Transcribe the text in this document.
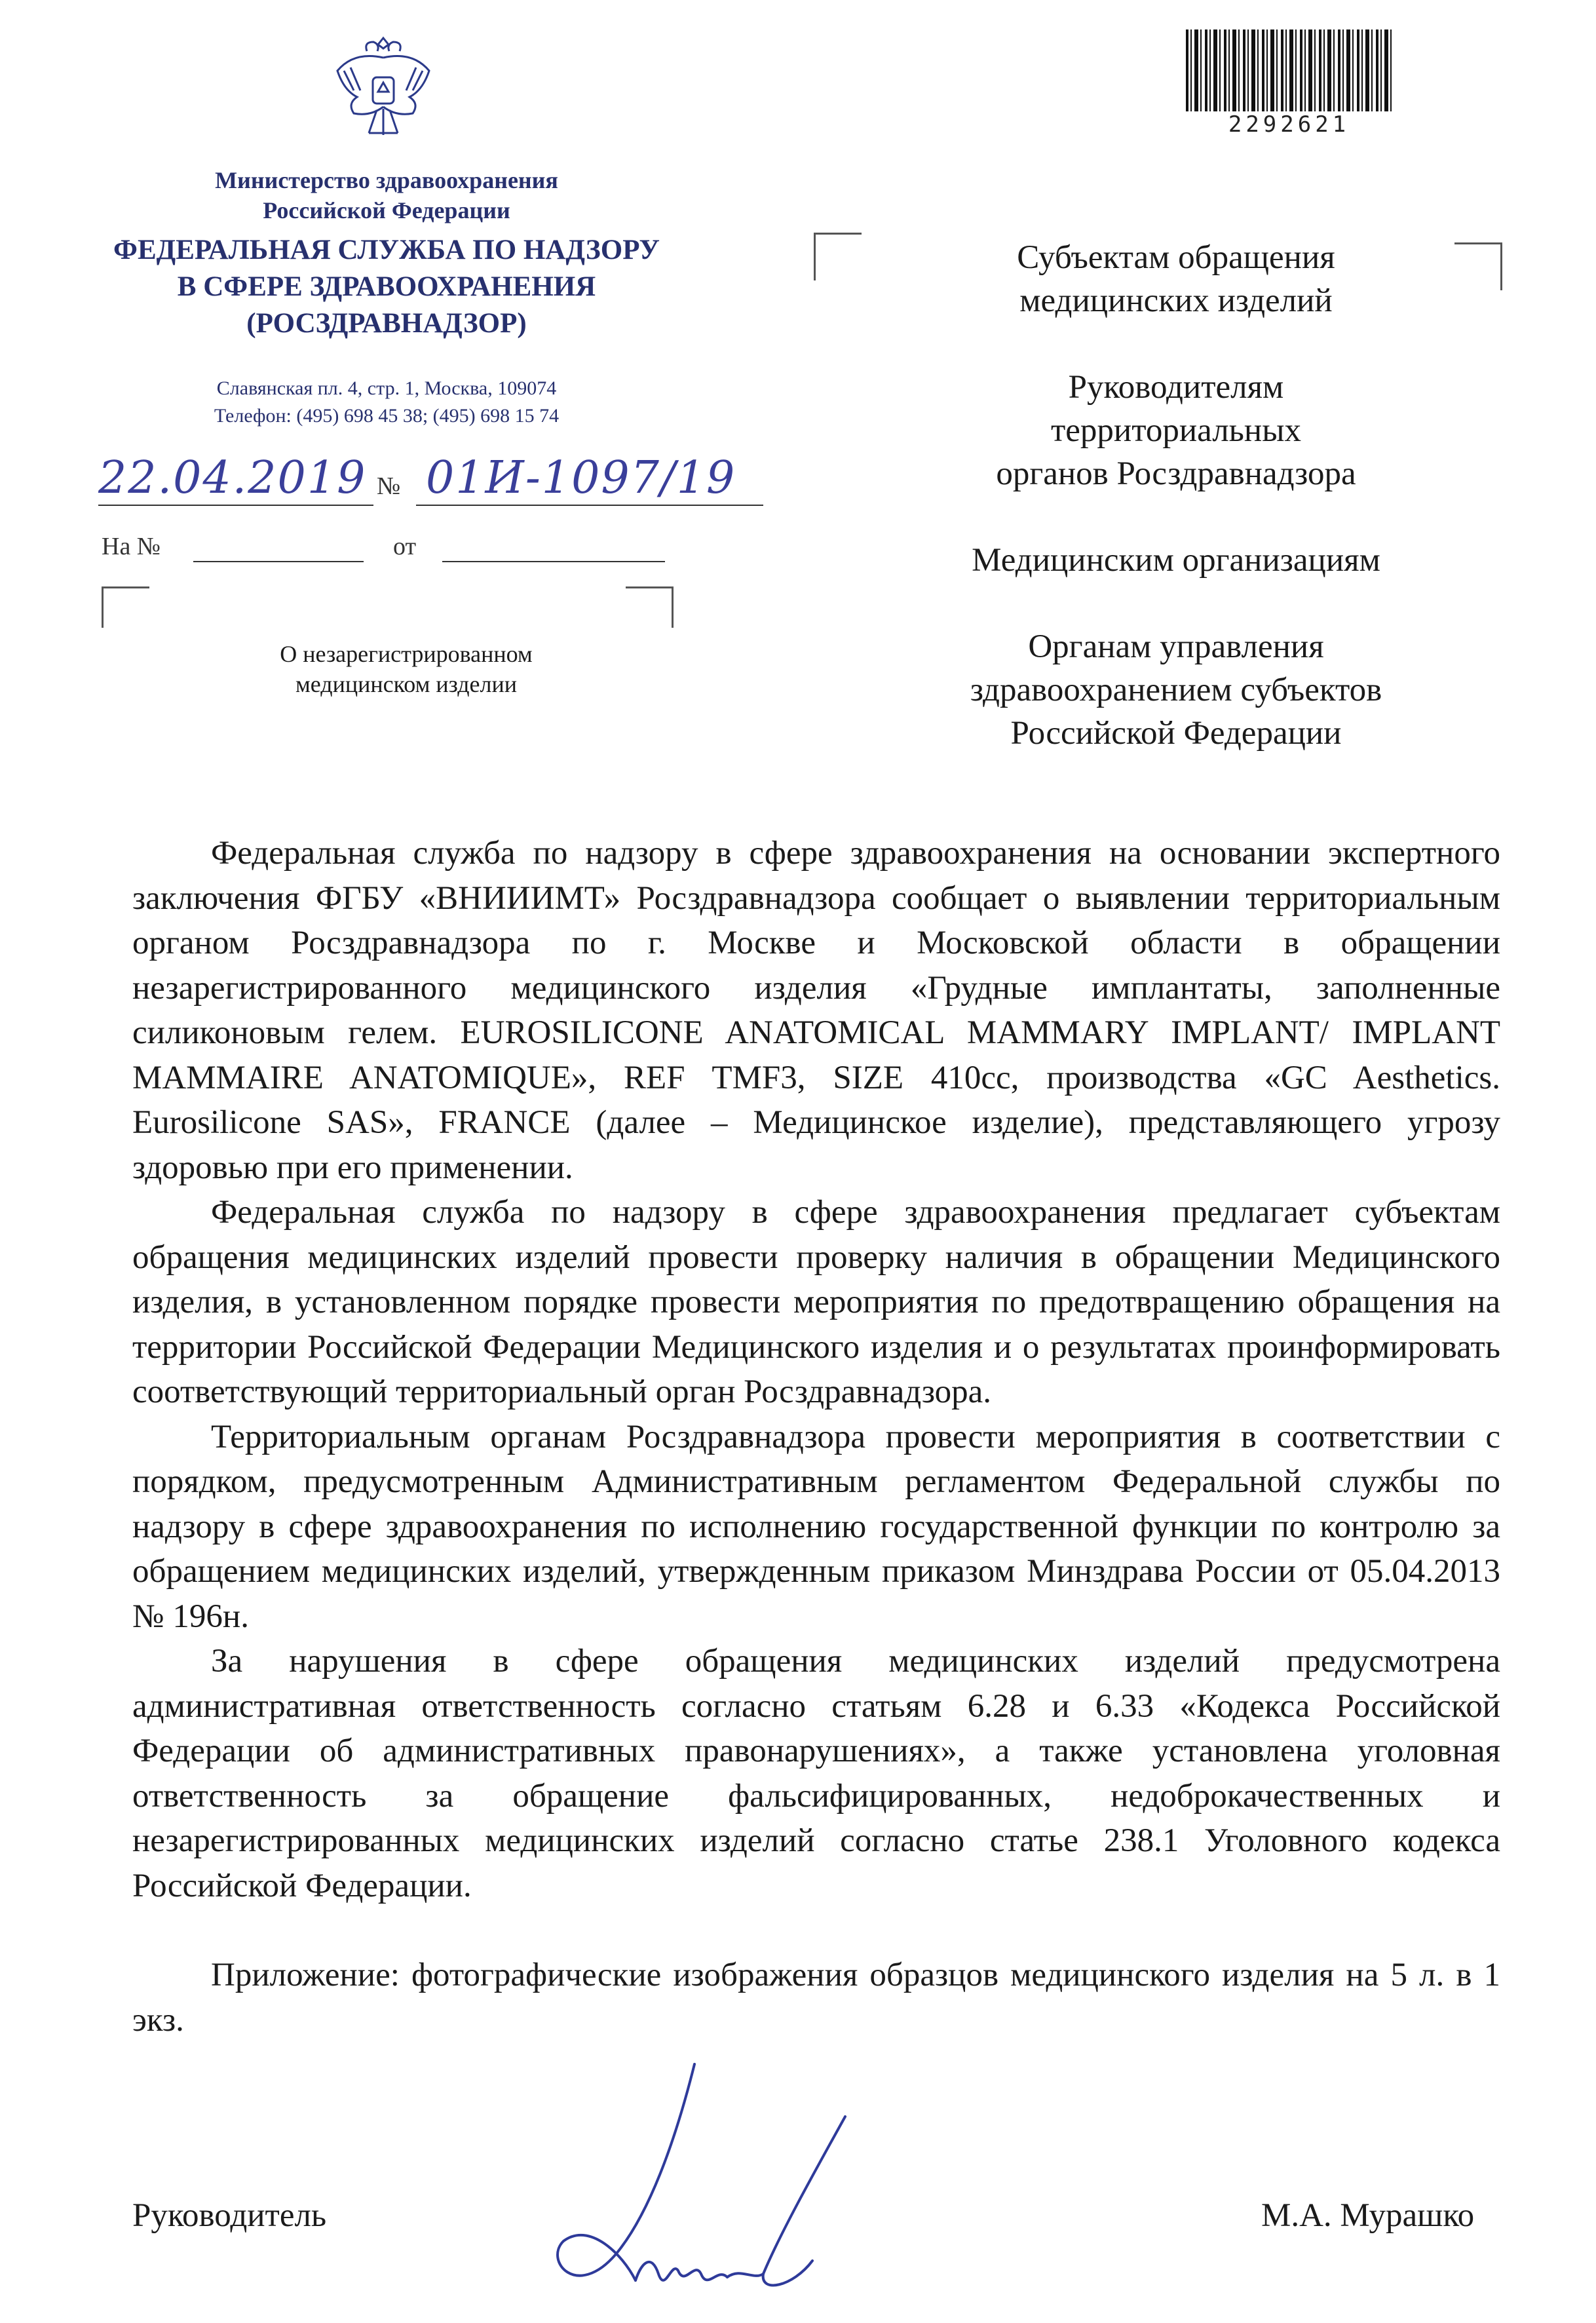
Министерство здравоохранения
Российской Федерации
ФЕДЕРАЛЬНАЯ СЛУЖБА ПО НАДЗОРУ
В СФЕРЕ ЗДРАВООХРАНЕНИЯ
(РОСЗДРАВНАДЗОР)
Славянская пл. 4, стр. 1, Москва, 109074
Телефон: (495) 698 45 38; (495) 698 15 74
22.04.2019 № 01И-1097/19
На №	от
О незарегистрированном
медицинском изделии
2292621
Субъектам обращения
медицинских изделий
Руководителям
территориальных
органов Росздравнадзора
Медицинским организациям
Органам управления
здравоохранением субъектов
Российской Федерации

Федеральная служба по надзору в сфере здравоохранения на основании экспертного заключения ФГБУ «ВНИИИМТ» Росздравнадзора сообщает о выявлении территориальным органом Росздравнадзора по г. Москве и Московской области в обращении незарегистрированного медицинского изделия «Грудные имплантаты, заполненные силиконовым гелем. EUROSILICONE ANATOMICAL MAMMARY IMPLANT/ IMPLANT MAMMAIRE ANATOMIQUE», REF TMF3, SIZE 410cc, производства «GC Aesthetics. Eurosilicone SAS», FRANCE (далее – Медицинское изделие), представляющего угрозу здоровью при его применении.

Федеральная служба по надзору в сфере здравоохранения предлагает субъектам обращения медицинских изделий провести проверку наличия в обращении Медицинского изделия, в установленном порядке провести мероприятия по предотвращению обращения на территории Российской Федерации Медицинского изделия и о результатах проинформировать соответствующий территориальный орган Росздравнадзора.

Территориальным органам Росздравнадзора провести мероприятия в соответствии с порядком, предусмотренным Административным регламентом Федеральной службы по надзору в сфере здравоохранения по исполнению государственной функции по контролю за обращением медицинских изделий, утвержденным приказом Минздрава России от 05.04.2013 № 196н.

За нарушения в сфере обращения медицинских изделий предусмотрена административная ответственность согласно статьям 6.28 и 6.33 «Кодекса Российской Федерации об административных правонарушениях», а также установлена уголовная ответственность за обращение фальсифицированных, недоброкачественных и незарегистрированных медицинских изделий согласно статье 238.1 Уголовного кодекса Российской Федерации.

Приложение: фотографические изображения образцов медицинского изделия на 5 л. в 1 экз.

Руководитель	М.А. Мурашко
